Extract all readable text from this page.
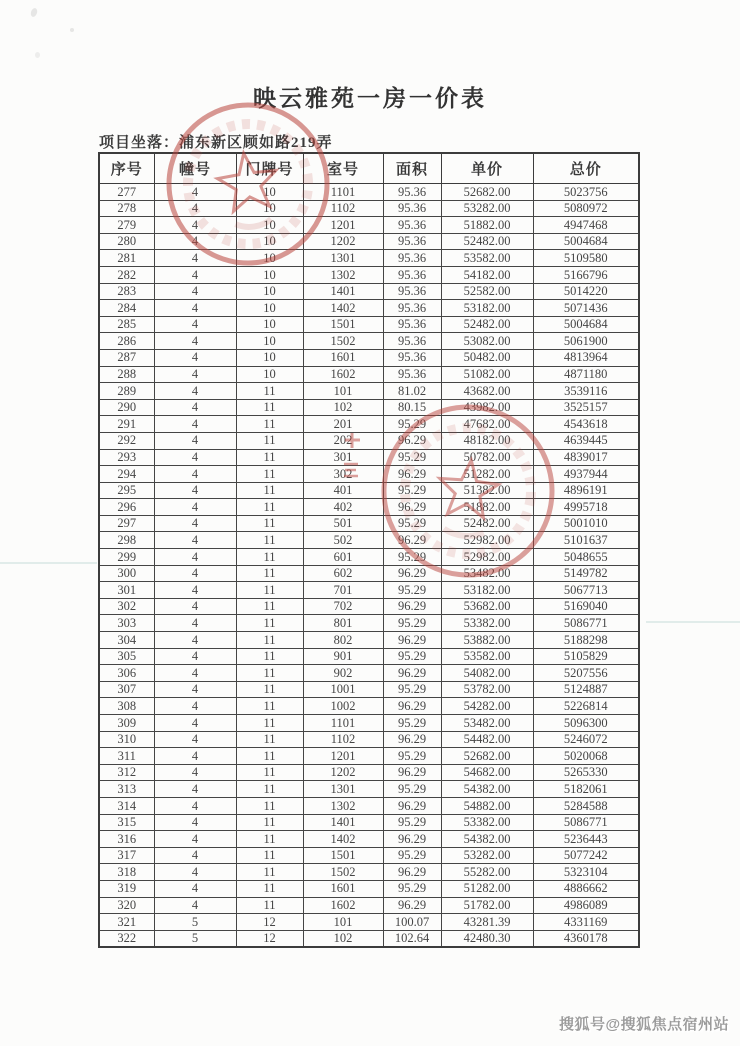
映云雅苑一房一价表
项目坐落：浦东新区顾如路219弄
序号	幢号	门牌号	室号	面积	单价	总价
277	4	10	1101	95.36	52682.00	5023756
278	4	10	1102	95.36	53282.00	5080972
279	4	10	1201	95.36	51882.00	4947468
280	4	10	1202	95.36	52482.00	5004684
281	4	10	1301	95.36	53582.00	5109580
282	4	10	1302	95.36	54182.00	5166796
283	4	10	1401	95.36	52582.00	5014220
284	4	10	1402	95.36	53182.00	5071436
285	4	10	1501	95.36	52482.00	5004684
286	4	10	1502	95.36	53082.00	5061900
287	4	10	1601	95.36	50482.00	4813964
288	4	10	1602	95.36	51082.00	4871180
289	4	11	101	81.02	43682.00	3539116
290	4	11	102	80.15	43982.00	3525157
291	4	11	201	95.29	47682.00	4543618
292	4	11	202	96.29	48182.00	4639445
293	4	11	301	95.29	50782.00	4839017
294	4	11	302	96.29	51282.00	4937944
295	4	11	401	95.29	51382.00	4896191
296	4	11	402	96.29	51882.00	4995718
297	4	11	501	95.29	52482.00	5001010
298	4	11	502	96.29	52982.00	5101637
299	4	11	601	95.29	52982.00	5048655
300	4	11	602	96.29	53482.00	5149782
301	4	11	701	95.29	53182.00	5067713
302	4	11	702	96.29	53682.00	5169040
303	4	11	801	95.29	53382.00	5086771
304	4	11	802	96.29	53882.00	5188298
305	4	11	901	95.29	53582.00	5105829
306	4	11	902	96.29	54082.00	5207556
307	4	11	1001	95.29	53782.00	5124887
308	4	11	1002	96.29	54282.00	5226814
309	4	11	1101	95.29	53482.00	5096300
310	4	11	1102	96.29	54482.00	5246072
311	4	11	1201	95.29	52682.00	5020068
312	4	11	1202	96.29	54682.00	5265330
313	4	11	1301	95.29	54382.00	5182061
314	4	11	1302	96.29	54882.00	5284588
315	4	11	1401	95.29	53382.00	5086771
316	4	11	1402	96.29	54382.00	5236443
317	4	11	1501	95.29	53282.00	5077242
318	4	11	1502	96.29	55282.00	5323104
319	4	11	1601	95.29	51282.00	4886662
320	4	11	1602	96.29	51782.00	4986089
321	5	12	101	100.07	43281.39	4331169
322	5	12	102	102.64	42480.30	4360178
搜狐号@搜狐焦点宿州站
